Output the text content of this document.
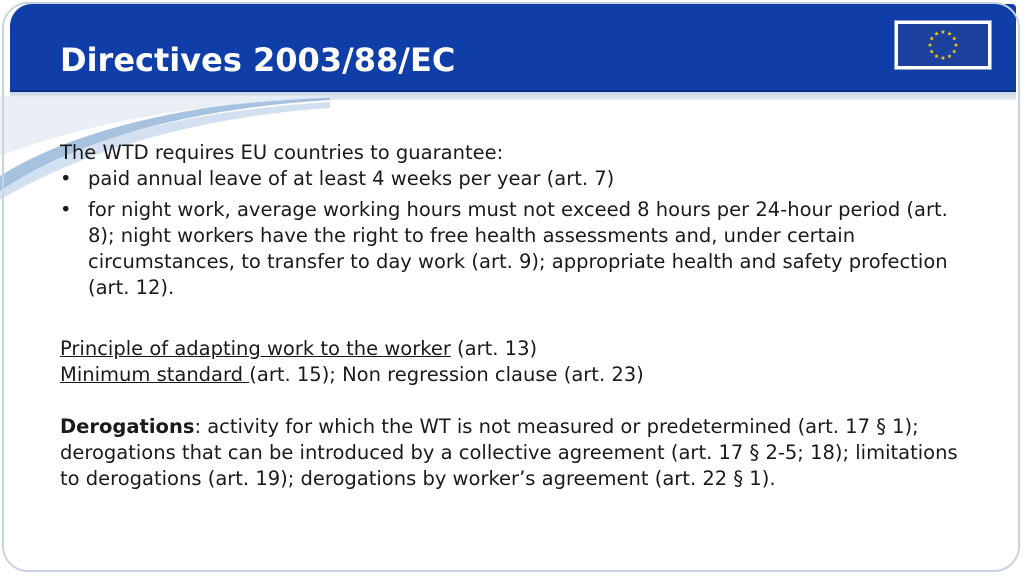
Directives 2003/88/EC

The WTD requires EU countries to guarantee:

• paid annual leave of at least 4 weeks per year (art. 7)
• for night work, average working hours must not exceed 8 hours per 24-hour period (art. 8); night workers have the right to free health assessments and, under certain circumstances, to transfer to day work (art. 9); appropriate health and safety profection (art. 12).

Principle of adapting work to the worker (art. 13)

Minimum standard (art. 15); Non regression clause (art. 23)

Derogations: activity for which the WT is not measured or predetermined (art. 17 § 1); derogations that can be introduced by a collective agreement (art. 17 § 2-5; 18); limitations to derogations (art. 19); derogations by worker’s agreement (art. 22 § 1).
